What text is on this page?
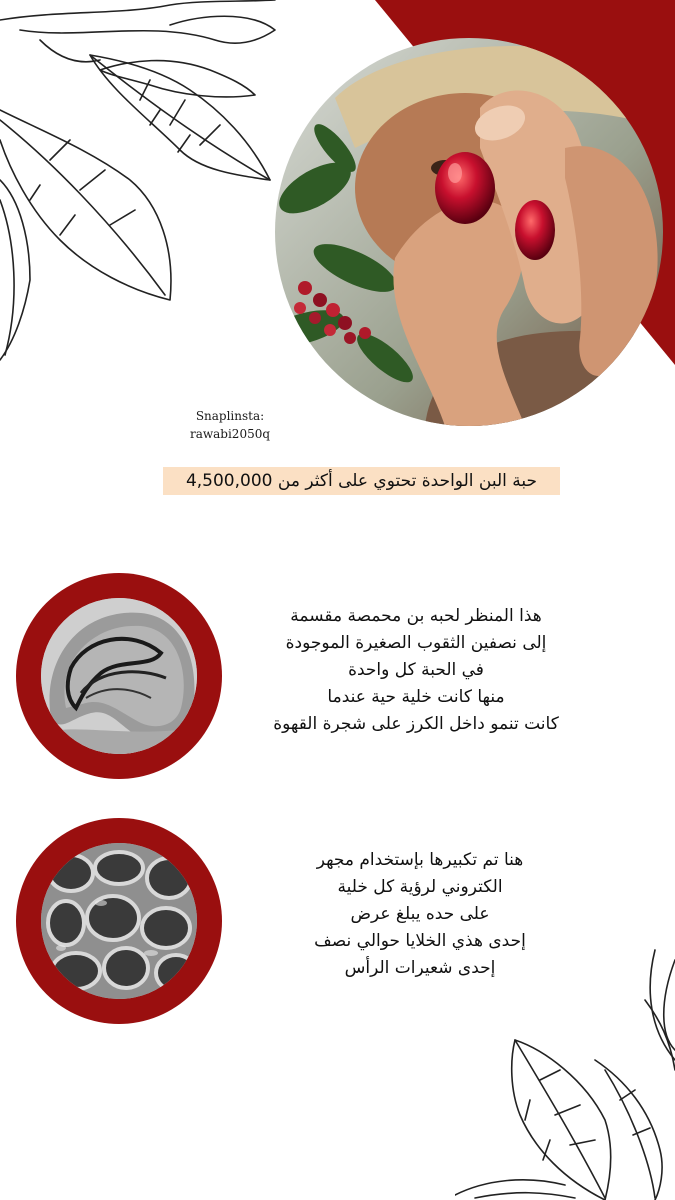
Snaplinsta:
rawabi2050q
حبة البن الواحدة تحتوي على أكثر من 4,500,000
هذا المنظر لحبه بن محمصة مقسمة
إلى نصفين الثقوب الصغيرة الموجودة
في الحبة كل واحدة
منها كانت خلية حية عندما
كانت تنمو داخل الكرز على شجرة القهوة
هنا تم تكبيرها بإستخدام مجهر
الكتروني لرؤية كل خلية
على حده يبلغ عرض
إحدى هذي الخلايا حوالي نصف
إحدى شعيرات الرأس
